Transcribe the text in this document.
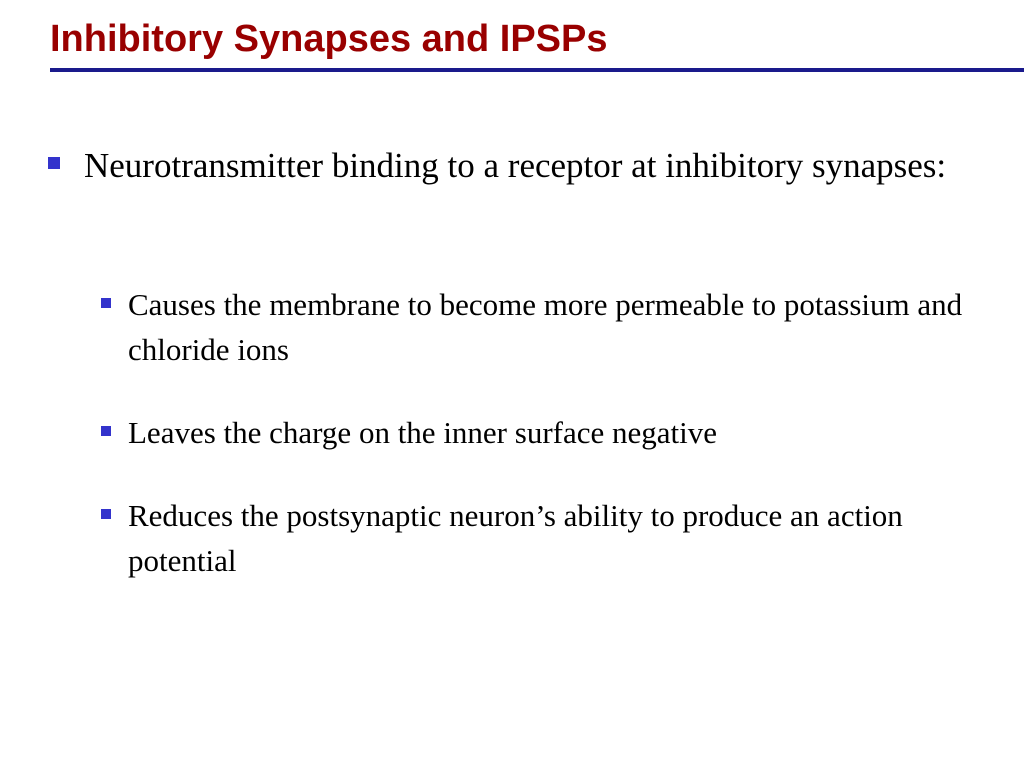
Inhibitory Synapses and IPSPs
Neurotransmitter binding to a receptor at inhibitory synapses:
Causes the membrane to become more permeable to potassium and chloride ions
Leaves the charge on the inner surface negative
Reduces the postsynaptic neuron’s ability to produce an action potential
